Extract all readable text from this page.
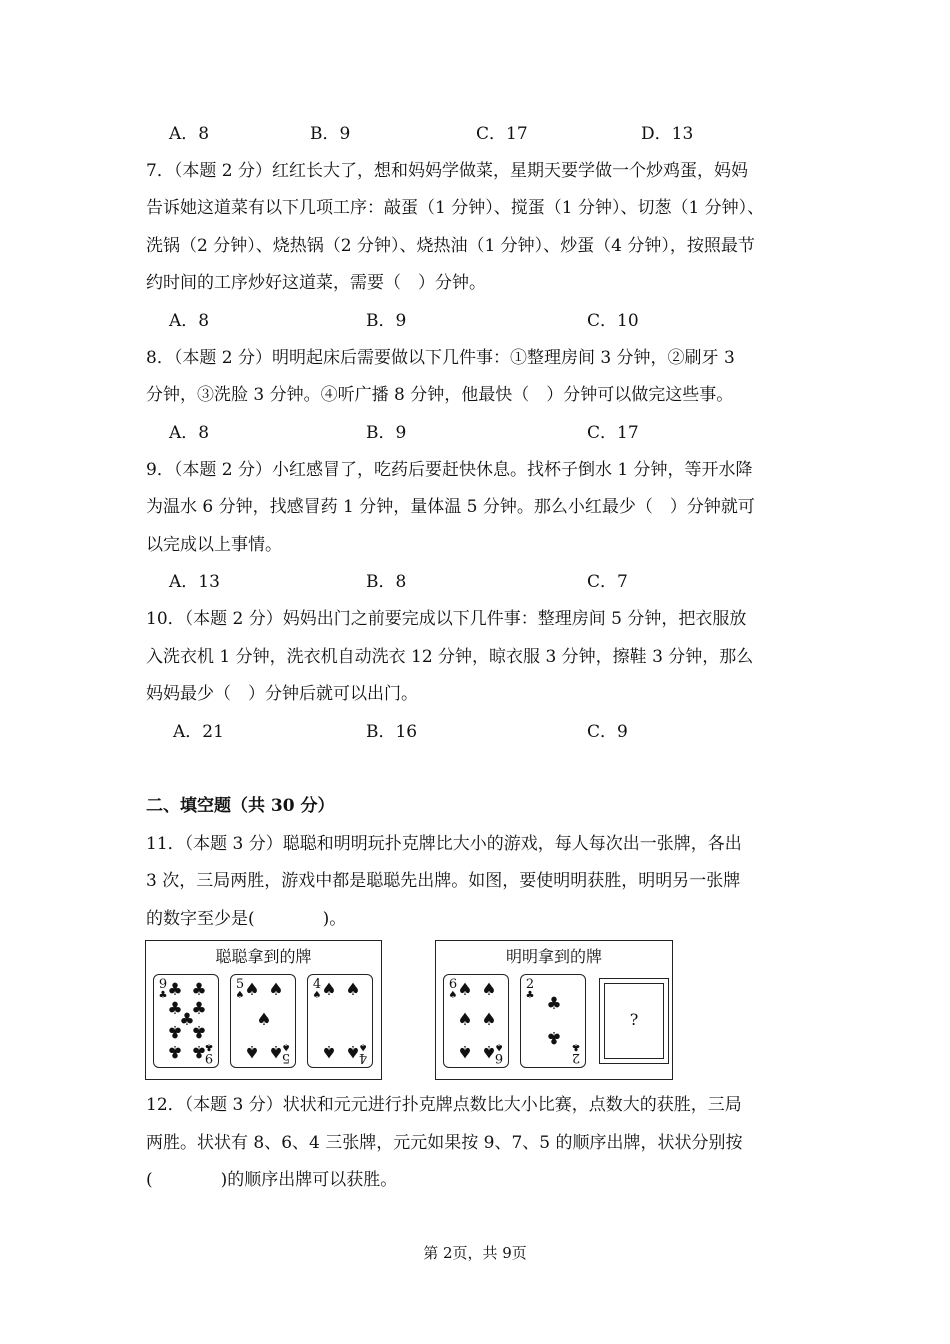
A．8	B．9	C．17	D．13
7．（本题 2 分）红红长大了，想和妈妈学做菜，星期天要学做一个炒鸡蛋，妈妈
告诉她这道菜有以下几项工序：敲蛋（1 分钟）、搅蛋（1 分钟）、切葱（1 分钟）、
洗锅（2 分钟）、烧热锅（2 分钟）、烧热油（1 分钟）、炒蛋（4 分钟），按照最节
约时间的工序炒好这道菜，需要（　）分钟。
A．8	B．9	C．10
8．（本题 2 分）明明起床后需要做以下几件事：①整理房间 3 分钟，②刷牙 3
分钟，③洗脸 3 分钟。④听广播 8 分钟，他最快（　）分钟可以做完这些事。
A．8	B．9	C．17
9．（本题 2 分）小红感冒了，吃药后要赶快休息。找杯子倒水 1 分钟，等开水降
为温水 6 分钟，找感冒药 1 分钟，量体温 5 分钟。那么小红最少（　）分钟就可
以完成以上事情。
A．13	B．8	C．7
10．（本题 2 分）妈妈出门之前要完成以下几件事：整理房间 5 分钟，把衣服放
入洗衣机 1 分钟，洗衣机自动洗衣 12 分钟，晾衣服 3 分钟，擦鞋 3 分钟，那么
妈妈最少（　）分钟后就可以出门。
A．21	B．16	C．9
二、填空题（共 30 分）
11．（本题 3 分）聪聪和明明玩扑克牌比大小的游戏，每人每次出一张牌，各出
3 次，三局两胜，游戏中都是聪聪先出牌。如图，要使明明获胜，明明另一张牌
的数字至少是(　　　　)。
聪聪拿到的牌
9
♣
9
♣
♣ ♣
♣ ♣
♣
♣ ♣
♣ ♣
5
♠
5
♠
♠ ♠
♠
♠ ♠
4
♠
4
♠
♠ ♠
♠ ♠
明明拿到的牌
6
♠
6
♠
♠ ♠
♠ ♠
♠ ♠
2
♣
2
♣
♣
♣
?
12．（本题 3 分）状状和元元进行扑克牌点数比大小比赛，点数大的获胜，三局
两胜。状状有 8、6、4 三张牌，元元如果按 9、7、5 的顺序出牌，状状分别按
(　　　　)的顺序出牌可以获胜。
第 2页，共 9页
